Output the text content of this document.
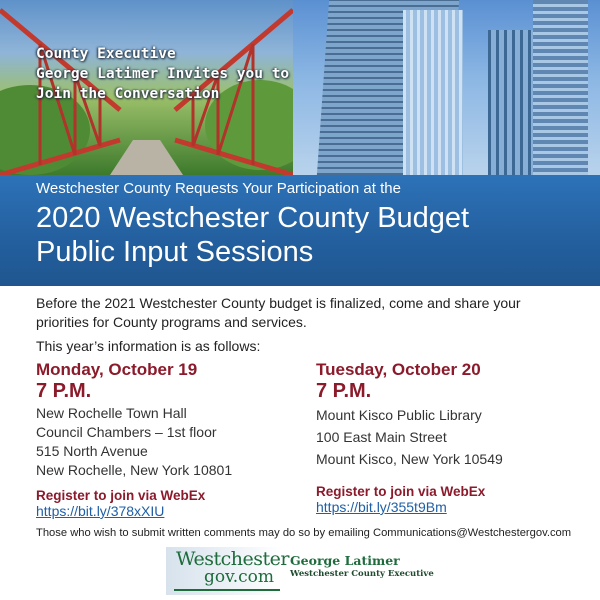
County Executive
George Latimer Invites you to
Join the Conversation

Westchester County Requests Your Participation at the
2020 Westchester County Budget
Public Input Sessions
Before the 2021 Westchester County budget is finalized, come and share your priorities for County programs and services.
This year’s information is as follows:
Monday, October 19
7 P.M.
New Rochelle Town Hall
Council Chambers – 1st floor
515 North Avenue
New Rochelle, New York 10801
Register to join via WebEx
https://bit.ly/378xXIU
Tuesday, October 20
7 P.M.
Mount Kisco Public Library
100 East Main Street
Mount Kisco, New York 10549
Register to join via WebEx
https://bit.ly/355t9Bm
Those who wish to submit written comments may do so by emailing Communications@Westchestergov.com
Westchester
gov.com
George Latimer
Westchester County Executive
